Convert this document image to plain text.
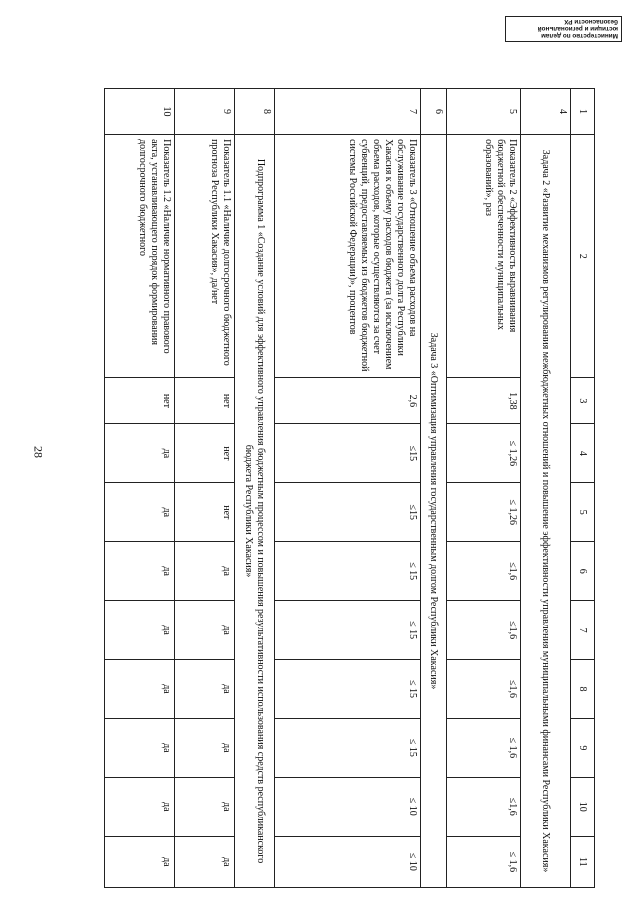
Министерство по делам
юстиции и региональной
безопасности РХ
28
1	2	3	4	5	6	7	8	9	10	11
4	Задача 2 «Развитие механизмов регулирования межбюджетных отношений и повышение эффективности управления муниципальными финансами Республики Хакасия»									
5	Показатель 2 «Эффективность выравнивания бюджетной обеспеченности муниципальных образований», раз	1,38	≤ 1,26	≤ 1,26	≤1,6	≤1,6	≤1,6	≤ 1,6	≤1,6	≤ 1,6
6	Задача 3 «Оптимизация управления государственным долгом Республики Хакасия»									
7	Показатель 3 «Отношение объема расходов на обслуживание государственного долга Республики Хакасия к объему расходов бюджета (за исключением объема расходов, которые осуществляются за счет субвенций, предоставляемых из бюджетов бюджетной системы Российской Федерации)», процентов	2,6	≤15	≤15	≤ 15	≤ 15	≤ 15	≤ 15	≤ 10	≤ 10
8	Подпрограмма 1 «Создание условий для эффективного управления бюджетным процессом и повышения результативности использования средств республиканского бюджета Республики Хакасия»									
9	Показатель 1.1 «Наличие долгосрочного бюджетного прогноза Республики Хакасия», да/нет	нет	нет	нет	да	да	да	да	да	да
10	Показатель 1.2 «Наличие нормативного правового акта, устанавливающего порядок формирования долгосрочного бюджетного	нет	да	да	да	да	да	да	да	да
